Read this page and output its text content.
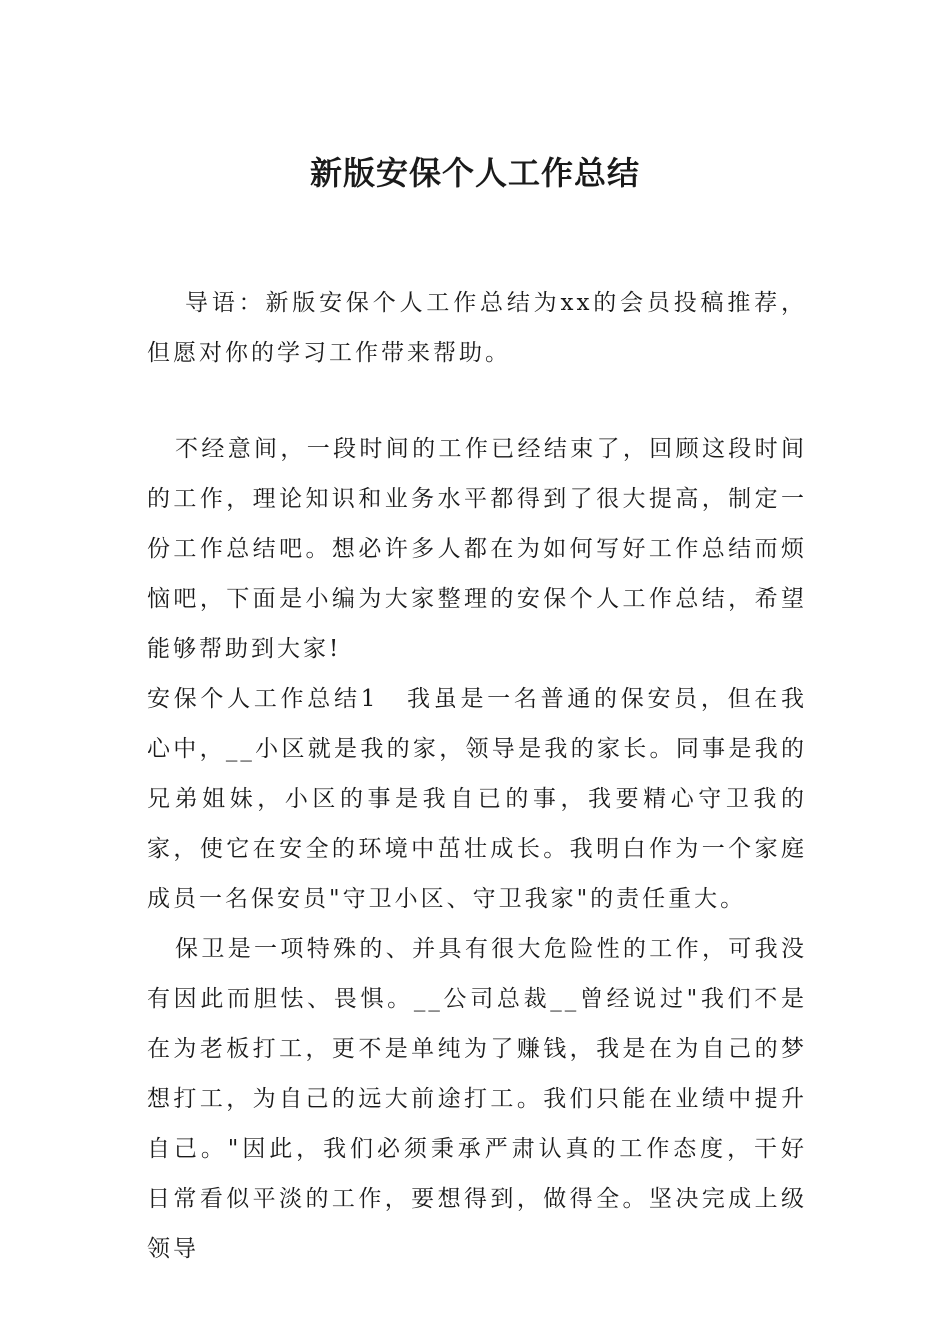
新版安保个人工作总结

导语：新版安保个人工作总结为xx的会员投稿推荐，但愿对你的学习工作带来帮助。

不经意间，一段时间的工作已经结束了，回顾这段时间的工作，理论知识和业务水平都得到了很大提高，制定一份工作总结吧。想必许多人都在为如何写好工作总结而烦恼吧，下面是小编为大家整理的安保个人工作总结，希望能够帮助到大家!

安保个人工作总结1 我虽是一名普通的保安员，但在我心中，__小区就是我的家，领导是我的家长。同事是我的兄弟姐妹，小区的事是我自已的事，我要精心守卫我的家，使它在安全的环境中茁壮成长。我明白作为一个家庭成员一名保安员"守卫小区、守卫我家"的责任重大。

保卫是一项特殊的、并具有很大危险性的工作，可我没有因此而胆怯、畏惧。__公司总裁__曾经说过"我们不是在为老板打工，更不是单纯为了赚钱，我是在为自己的梦想打工，为自己的远大前途打工。我们只能在业绩中提升自己。"因此，我们必须秉承严肃认真的工作态度，干好日常看似平淡的工作，要想得到，做得全。坚决完成上级领导
